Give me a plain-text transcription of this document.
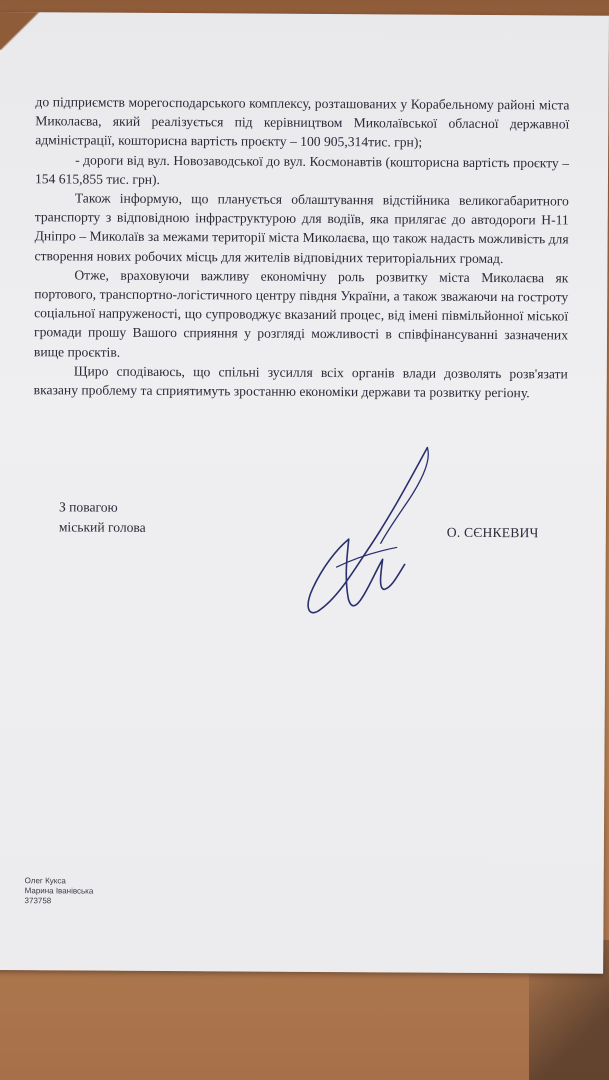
до підприємств морегосподарського комплексу, розташованих у Корабельному районі міста Миколаєва, який реалізується під керівництвом Миколаївської обласної державної адміністрації, кошторисна вартість проєкту – 100 905,314тис. грн);

- дороги від вул. Новозаводської до вул. Космонавтів (кошторисна вартість проєкту – 154 615,855 тис. грн).

Також інформую, що планується облаштування відстійника великогабаритного транспорту з відповідною інфраструктурою для водіїв, яка прилягає до автодороги Н-11 Дніпро – Миколаїв за межами території міста Миколаєва, що також надасть можливість для створення нових робочих місць для жителів відповідних територіальних громад.

Отже, враховуючи важливу економічну роль розвитку міста Миколаєва як портового, транспортно-логістичного центру півдня України, а також зважаючи на гостроту соціальної напруженості, що супроводжує вказаний процес, від імені півмільйонної міської громади прошу Вашого сприяння у розгляді можливості в співфінансуванні зазначених вище проєктів.

Щиро сподіваюсь, що спільні зусилля всіх органів влади дозволять розв'язати вказану проблему та сприятимуть зростанню економіки держави та розвитку регіону.

З повагою
міський голова	О. СЄНКЕВИЧ
Олег Кукса
Марина Іванівська
373758
